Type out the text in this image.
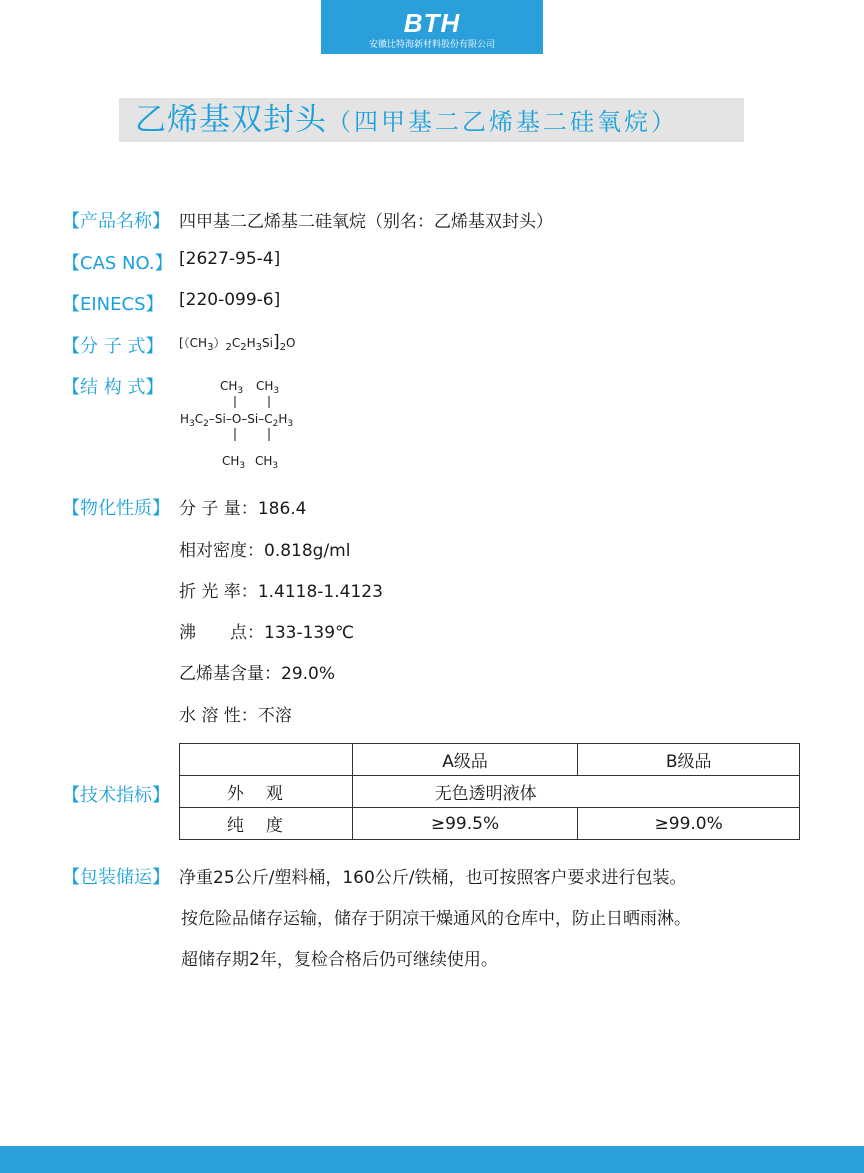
BTH
安徽比特海新材料股份有限公司
乙烯基双封头（四甲基二乙烯基二硅氧烷）
【产品名称】 四甲基二乙烯基二硅氧烷（别名：乙烯基双封头）
【CAS NO.】 [2627-95-4]
【EINECS】 [220-099-6]
【分 子 式】 $[(CH_3)_2C_2H_3Si]_2O$
【结 构 式】	$CH_3$ $CH_3$
$H_3C_2-Si-O-Si-C_2H_3$
$CH_3$ $CH_3$
【物化性质】 分 子 量：186.4
相对密度：0.818g/ml
折 光 率：1.4118-1.4123
沸　　点：133-139℃
乙烯基含量：29.0%
水 溶 性：不溶
【技术指标】
	A级品	B级品
外观	无色透明液体	
纯度	≥99.5%	≥99.0%
【包装储运】 净重25公斤/塑料桶，160公斤/铁桶，也可按照客户要求进行包装。
按危险品储存运输，储存于阴凉干燥通风的仓库中，防止日晒雨淋。
超储存期2年，复检合格后仍可继续使用。
